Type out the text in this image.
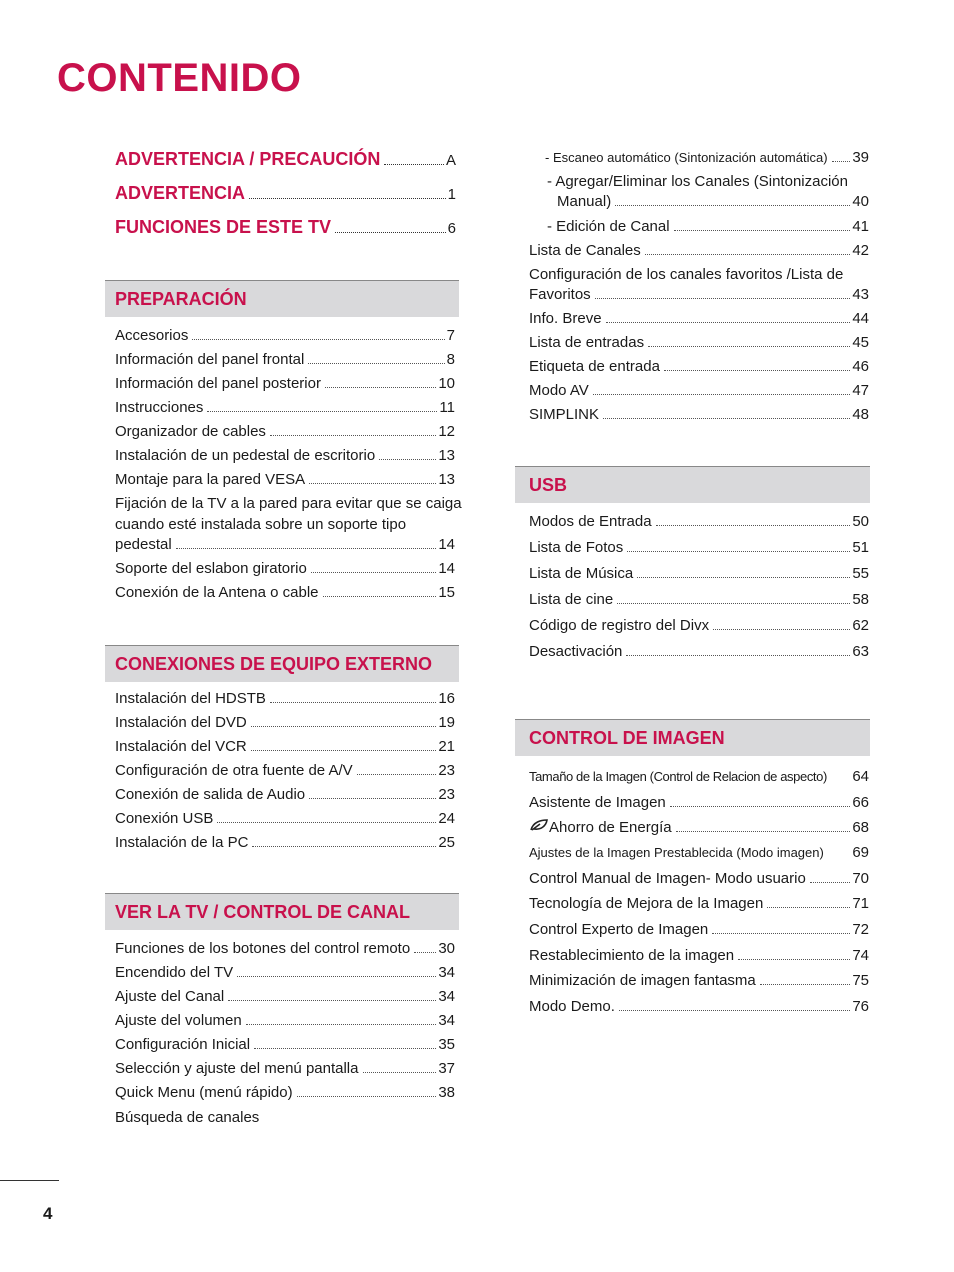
CONTENIDO
ADVERTENCIA / PRECAUCIÓN	A
ADVERTENCIA	1
FUNCIONES DE ESTE TV	6
PREPARACIÓN
Accesorios	7
Información del panel frontal	8
Información del panel posterior	10
Instrucciones	11
Organizador de cables	12
Instalación de un pedestal de escritorio	13
Montaje para la pared VESA	13
Fijación de la TV a la pared para evitar que se caiga
cuando esté instalada sobre un soporte tipo
pedestal	14
Soporte del eslabon giratorio	14
Conexión de la Antena o cable	15
CONEXIONES DE EQUIPO EXTERNO
Instalación del HDSTB	16
Instalación del DVD	19
Instalación del VCR	21
Configuración de otra fuente de A/V	23
Conexión de salida de Audio	23
Conexión USB	24
Instalación de la PC	25
VER LA TV / CONTROL DE CANAL
Funciones de los botones del control remoto 30
Encendido del TV	34
Ajuste del Canal	34
Ajuste del volumen	34
Configuración Inicial	35
Selección y ajuste del menú pantalla	37
Quick Menu (menú rápido)	38
Búsqueda de canales
- Escaneo automático (Sintonización automática) 39
- Agregar/Eliminar los Canales (Sintonización
Manual)	40
- Edición de Canal	41
Lista de Canales	42
Configuración de los canales favoritos /Lista de
Favoritos	43
Info. Breve	44
Lista de entradas	45
Etiqueta de entrada	46
Modo AV	47
SIMPLINK	48
USB
Modos de Entrada	50
Lista de Fotos	51
Lista de Música	55
Lista de cine	58
Código de registro del Divx	62
Desactivación	63
CONTROL DE IMAGEN
Tamaño de la Imagen (Control de Relacion de aspecto) 64
Asistente de Imagen	66
Ahorro de Energía	68
Ajustes de la Imagen Prestablecida (Modo imagen) 69
Control Manual de Imagen- Modo usuario	70
Tecnología de Mejora de la Imagen	71
Control Experto de Imagen	72
Restablecimiento de la imagen	74
Minimización de imagen fantasma	75
Modo Demo.	76
4
